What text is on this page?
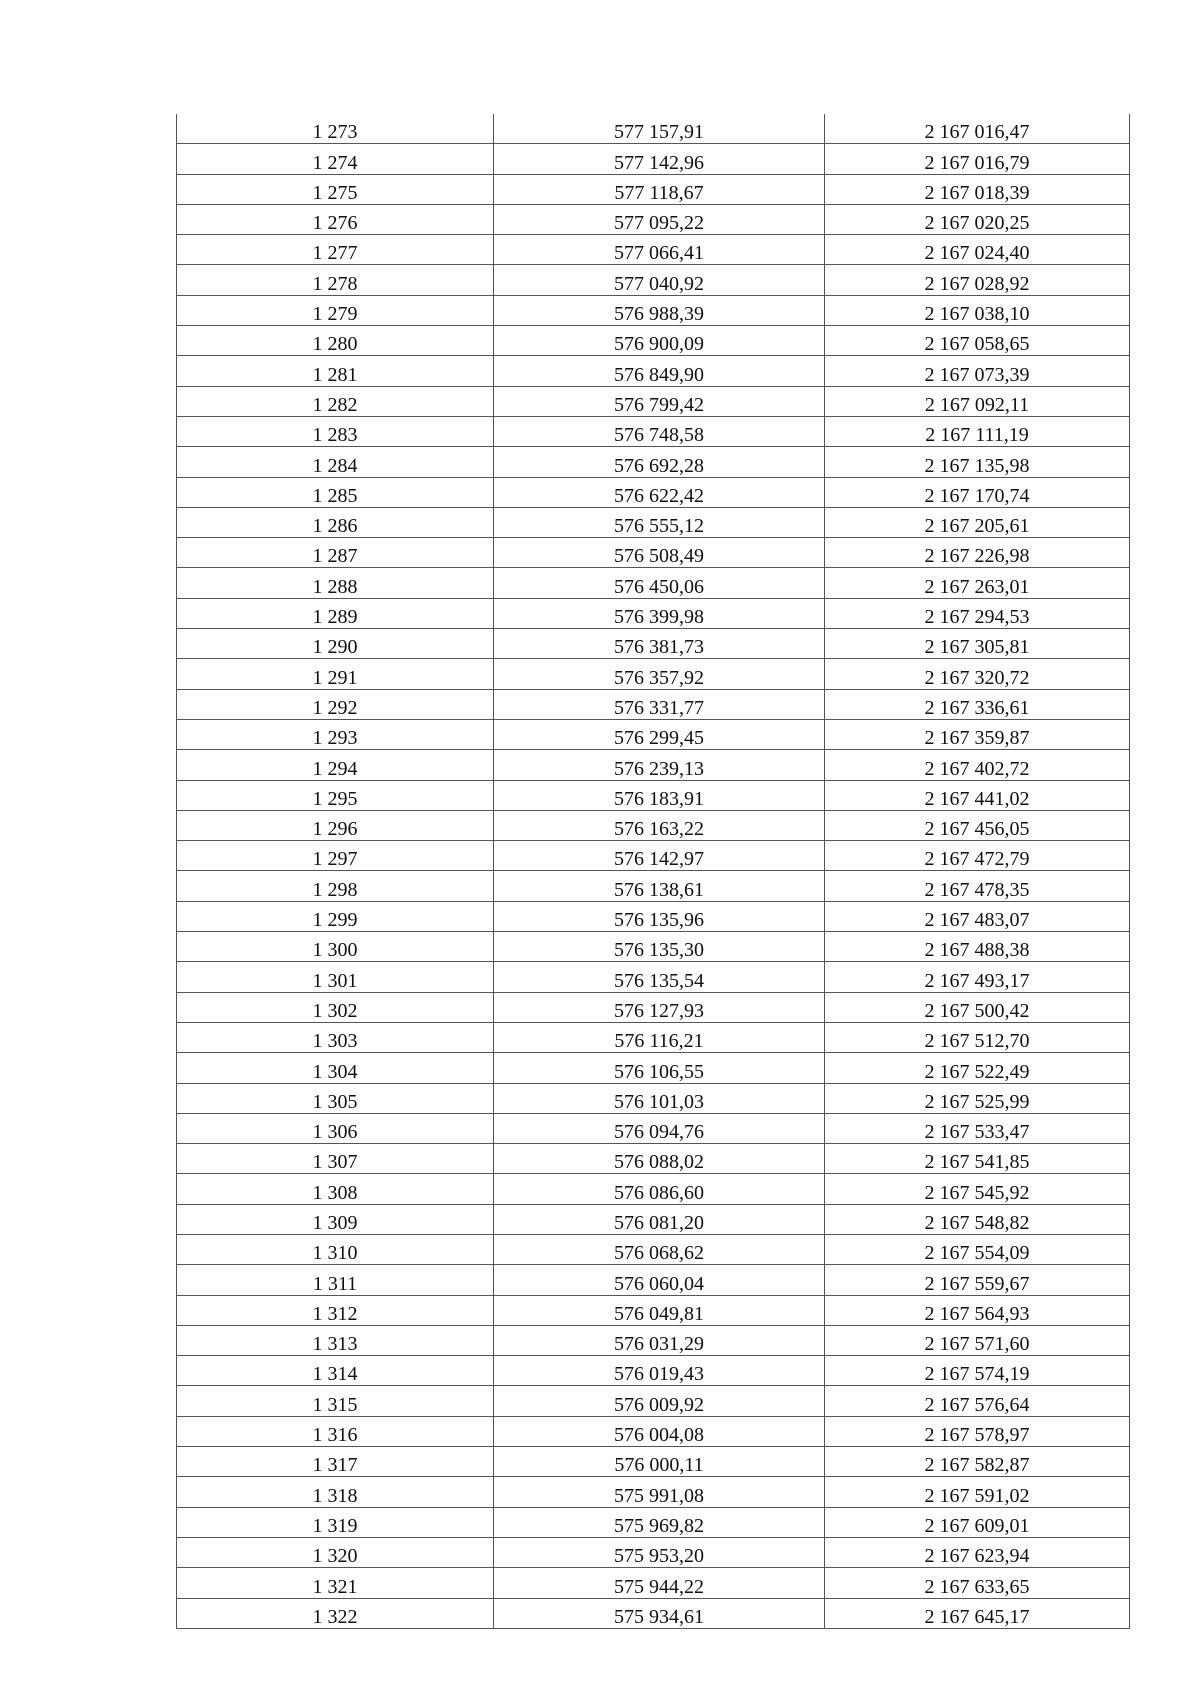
1 273	577 157,91	2 167 016,47
1 274	577 142,96	2 167 016,79
1 275	577 118,67	2 167 018,39
1 276	577 095,22	2 167 020,25
1 277	577 066,41	2 167 024,40
1 278	577 040,92	2 167 028,92
1 279	576 988,39	2 167 038,10
1 280	576 900,09	2 167 058,65
1 281	576 849,90	2 167 073,39
1 282	576 799,42	2 167 092,11
1 283	576 748,58	2 167 111,19
1 284	576 692,28	2 167 135,98
1 285	576 622,42	2 167 170,74
1 286	576 555,12	2 167 205,61
1 287	576 508,49	2 167 226,98
1 288	576 450,06	2 167 263,01
1 289	576 399,98	2 167 294,53
1 290	576 381,73	2 167 305,81
1 291	576 357,92	2 167 320,72
1 292	576 331,77	2 167 336,61
1 293	576 299,45	2 167 359,87
1 294	576 239,13	2 167 402,72
1 295	576 183,91	2 167 441,02
1 296	576 163,22	2 167 456,05
1 297	576 142,97	2 167 472,79
1 298	576 138,61	2 167 478,35
1 299	576 135,96	2 167 483,07
1 300	576 135,30	2 167 488,38
1 301	576 135,54	2 167 493,17
1 302	576 127,93	2 167 500,42
1 303	576 116,21	2 167 512,70
1 304	576 106,55	2 167 522,49
1 305	576 101,03	2 167 525,99
1 306	576 094,76	2 167 533,47
1 307	576 088,02	2 167 541,85
1 308	576 086,60	2 167 545,92
1 309	576 081,20	2 167 548,82
1 310	576 068,62	2 167 554,09
1 311	576 060,04	2 167 559,67
1 312	576 049,81	2 167 564,93
1 313	576 031,29	2 167 571,60
1 314	576 019,43	2 167 574,19
1 315	576 009,92	2 167 576,64
1 316	576 004,08	2 167 578,97
1 317	576 000,11	2 167 582,87
1 318	575 991,08	2 167 591,02
1 319	575 969,82	2 167 609,01
1 320	575 953,20	2 167 623,94
1 321	575 944,22	2 167 633,65
1 322	575 934,61	2 167 645,17
